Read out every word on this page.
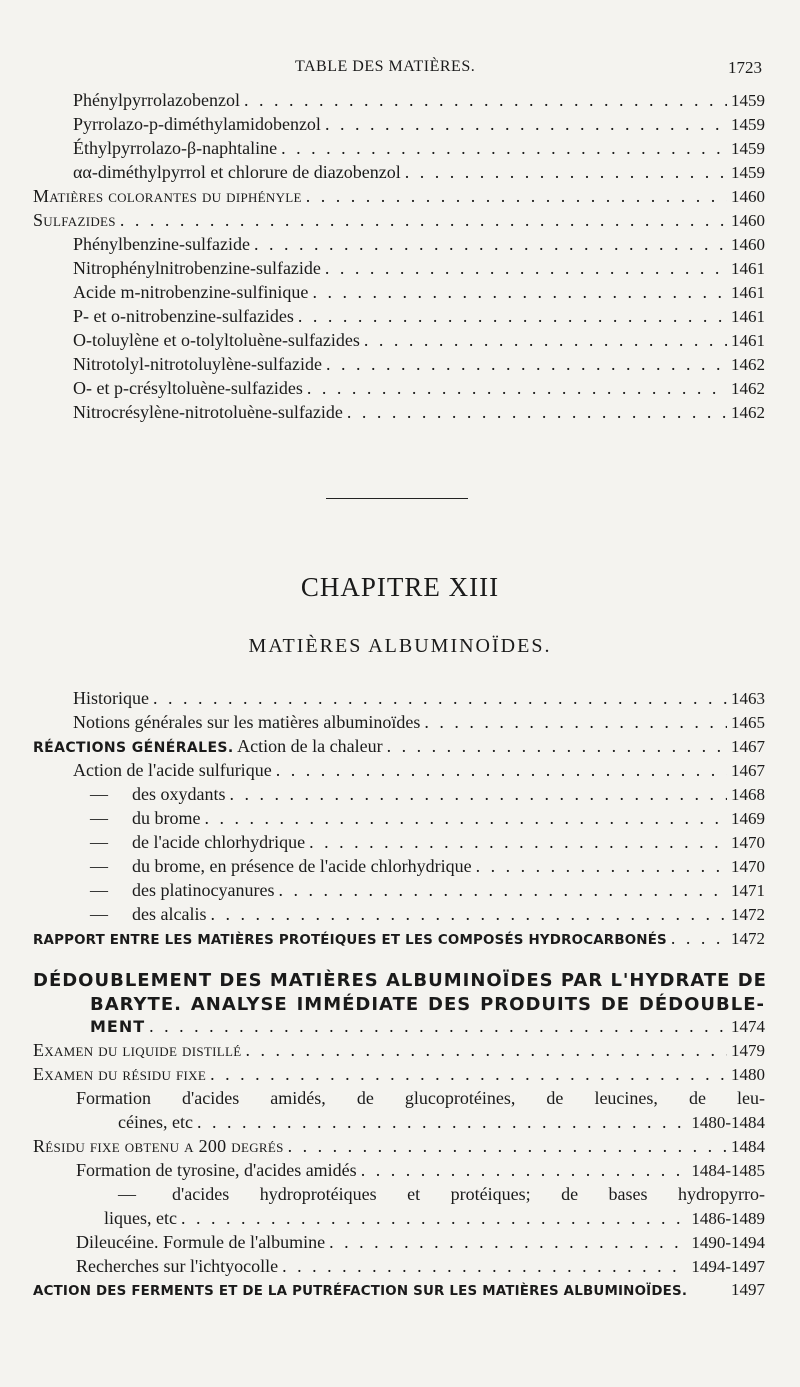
TABLE DES MATIÈRES.	1723
Phénylpyrrolazobenzol . . .	1459
Pyrrolazo-p-diméthylamidobenzol . . .	1459
Éthylpyrrolazo-β-naphtaline . . .	1459
αα-diméthylpyrrol et chlorure de diazobenzol . . .	1459
Matières colorantes du diphényle . . .	1460
Sulfazides . . .	1460
Phénylbenzine-sulfazide . . .	1460
Nitrophénylnitrobenzine-sulfazide . . .	1461
Acide m-nitrobenzine-sulfinique . . .	1461
P- et o-nitrobenzine-sulfazides . . .	1461
O-toluylène et o-tolyltoluène-sulfazides . . .	1461
Nitrotolyl-nitrotoluylène-sulfazide . . .	1462
O- et p-crésyltoluène-sulfazides . . .	1462
Nitrocrésylène-nitrotoluène-sulfazide . . .	1462
CHAPITRE XIII
MATIÈRES ALBUMINOÏDES.
Historique . . .	1463
Notions générales sur les matières albuminoïdes . . .	1465
RÉACTIONS GÉNÉRALES. Action de la chaleur . . .	1467
Action de l'acide sulfurique . . .	1467
— des oxydants . . .	1468
— du brome . . .	1469
— de l'acide chlorhydrique . . .	1470
— du brome, en présence de l'acide chlorhydrique . . .	1470
— des platinocyanures . . .	1471
— des alcalis . . .	1472
RAPPORT ENTRE LES MATIÈRES PROTÉIQUES ET LES COMPOSÉS HYDROCARBONÉS . . .	1472
DÉDOUBLEMENT DES MATIÈRES ALBUMINOÏDES PAR L'HYDRATE DE
BARYTE. ANALYSE IMMÉDIATE DES PRODUITS DE DÉDOUBLE-
MENT . . .	1474
Examen du liquide distillé . . .	1479
Examen du résidu fixe . . .	1480
Formation d'acides amidés, de glucoprotéines, de leucines, de leu-
céines, etc . . .	1480-1484
Résidu fixe obtenu a 200 degrés . . .	1484
Formation de tyrosine, d'acides amidés . . .	1484-1485
—	d'acides hydroprotéiques et protéiques; de bases hydropyrro-
liques, etc . . .	1486-1489
Dileucéine. Formule de l'albumine . . .	1490-1494
Recherches sur l'ichtyocolle . . .	1494-1497
ACTION DES FERMENTS ET DE LA PUTRÉFACTION SUR LES MATIÈRES ALBUMINOÏDES.	1497
